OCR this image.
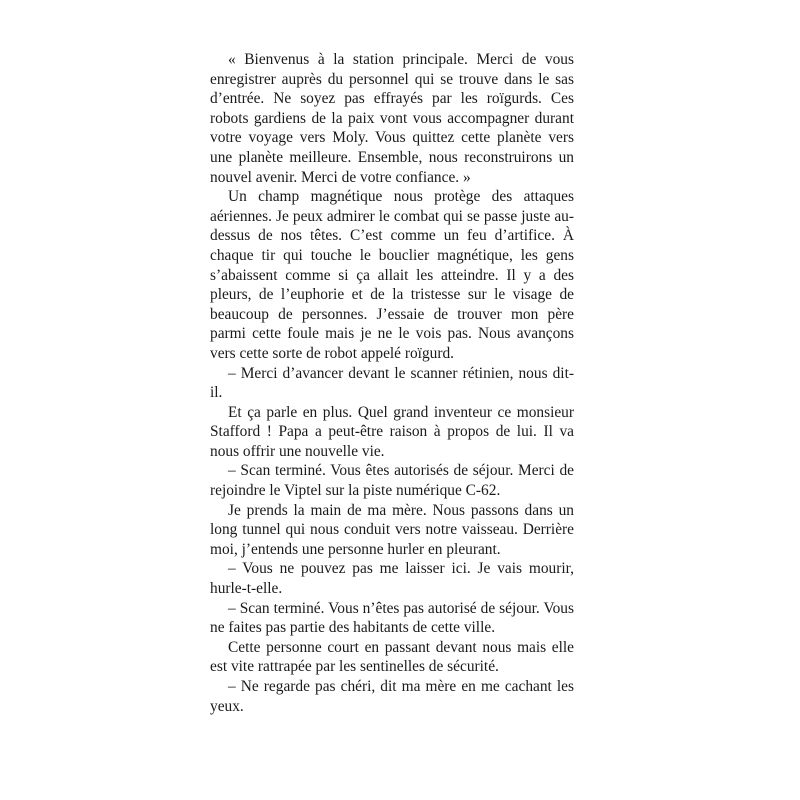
« Bienvenus à la station principale. Merci de vous enregistrer auprès du personnel qui se trouve dans le sas d’entrée. Ne soyez pas effrayés par les roïgurds. Ces robots gardiens de la paix vont vous accompagner durant votre voyage vers Moly. Vous quittez cette planète vers une planète meilleure. Ensemble, nous reconstruirons un nouvel avenir. Merci de votre confiance. »

Un champ magnétique nous protège des attaques aériennes. Je peux admirer le combat qui se passe juste au-dessus de nos têtes. C’est comme un feu d’artifice. À chaque tir qui touche le bouclier magnétique, les gens s’abaissent comme si ça allait les atteindre. Il y a des pleurs, de l’euphorie et de la tristesse sur le visage de beaucoup de personnes. J’essaie de trouver mon père parmi cette foule mais je ne le vois pas. Nous avançons vers cette sorte de robot appelé roïgurd.

– Merci d’avancer devant le scanner rétinien, nous dit-il.

Et ça parle en plus. Quel grand inventeur ce monsieur Stafford ! Papa a peut-être raison à propos de lui. Il va nous offrir une nouvelle vie.

– Scan terminé. Vous êtes autorisés de séjour. Merci de rejoindre le Viptel sur la piste numérique C-62.

Je prends la main de ma mère. Nous passons dans un long tunnel qui nous conduit vers notre vaisseau. Derrière moi, j’entends une personne hurler en pleurant.

– Vous ne pouvez pas me laisser ici. Je vais mourir, hurle-t-elle.

– Scan terminé. Vous n’êtes pas autorisé de séjour. Vous ne faites pas partie des habitants de cette ville.

Cette personne court en passant devant nous mais elle est vite rattrapée par les sentinelles de sécurité.

– Ne regarde pas chéri, dit ma mère en me cachant les yeux.
